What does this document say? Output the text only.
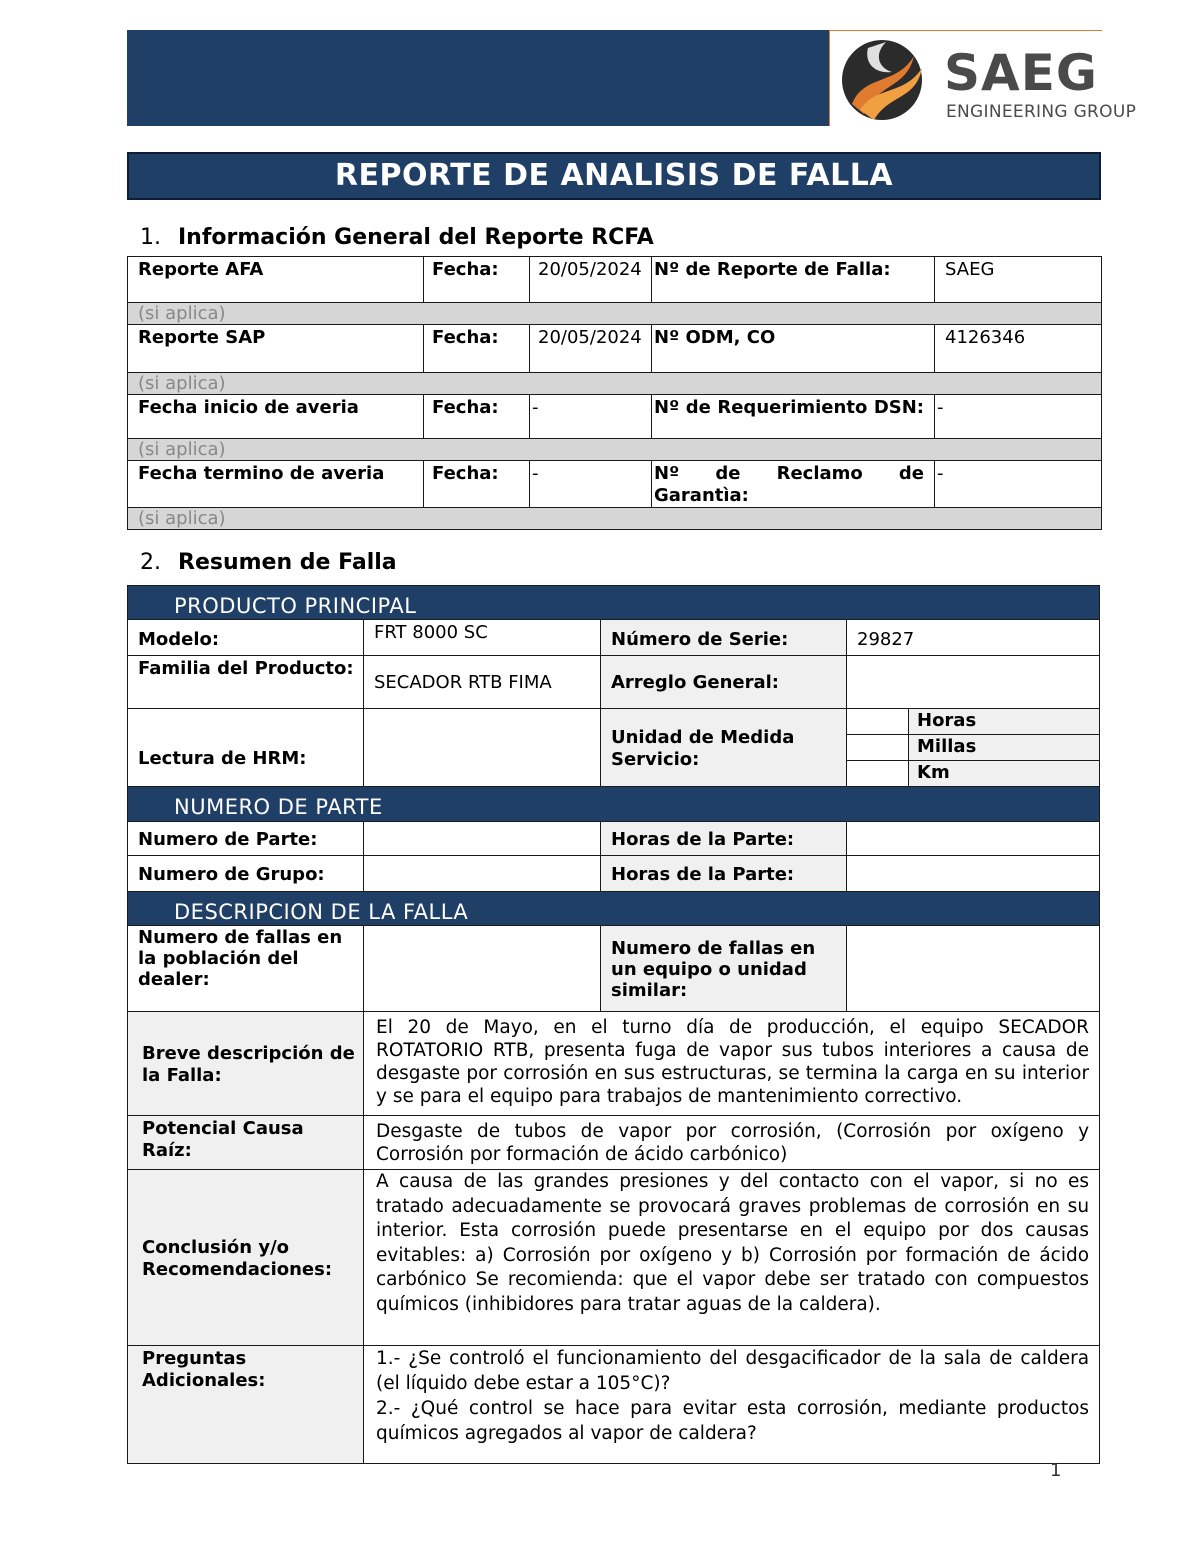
SAEG
ENGINEERING GROUP
REPORTE DE ANALISIS DE FALLA
1. Información General del Reporte RCFA
Reporte AFA	Fecha:	20/05/2024	Nº de Reporte de Falla:	SAEG
(si aplica)				
Reporte SAP	Fecha:	20/05/2024	Nº ODM, CO	4126346
(si aplica)				
Fecha inicio de averia	Fecha:	-	Nº de Requerimiento DSN:	-
(si aplica)				
Fecha termino de averia	Fecha:	-	Nº de Reclamo de Garantìa:	-
(si aplica)				
2. Resumen de Falla
PRODUCTO PRINCIPAL				
Modelo:	FRT 8000 SC	Número de Serie:	29827	
Familia del Producto:	SECADOR RTB FIMA	Arreglo General:		
Lectura de HRM:		Unidad de Medida Servicio:		Horas
				Millas
				Km
NUMERO DE PARTE				
Numero de Parte:		Horas de la Parte:		
Numero de Grupo:		Horas de la Parte:		
DESCRIPCION DE LA FALLA				
Numero de fallas en la población del dealer:		Numero de fallas en un equipo o unidad similar:		
Breve descripción de la Falla:	El 20 de Mayo, en el turno día de producción, el equipo SECADOR ROTATORIO RTB, presenta fuga de vapor sus tubos interiores a causa de desgaste por corrosión en sus estructuras, se termina la carga en su interior y se para el equipo para trabajos de mantenimiento correctivo.			
Potencial Causa Raíz:	Desgaste de tubos de vapor por corrosión, (Corrosión por oxígeno y Corrosión por formación de ácido carbónico)			
Conclusión y/o Recomendaciones:	A causa de las grandes presiones y del contacto con el vapor, si no es tratado adecuadamente se provocará graves problemas de corrosión en su interior. Esta corrosión puede presentarse en el equipo por dos causas evitables: a) Corrosión por oxígeno y b) Corrosión por formación de ácido carbónico Se recomienda: que el vapor debe ser tratado con compuestos químicos (inhibidores para tratar aguas de la caldera).			
Preguntas Adicionales:	1.- ¿Se controló el funcionamiento del desgacificador de la sala de caldera (el líquido debe estar a 105°C)?
2.- ¿Qué control se hace para evitar esta corrosión, mediante productos químicos agregados al vapor de caldera?			
1
